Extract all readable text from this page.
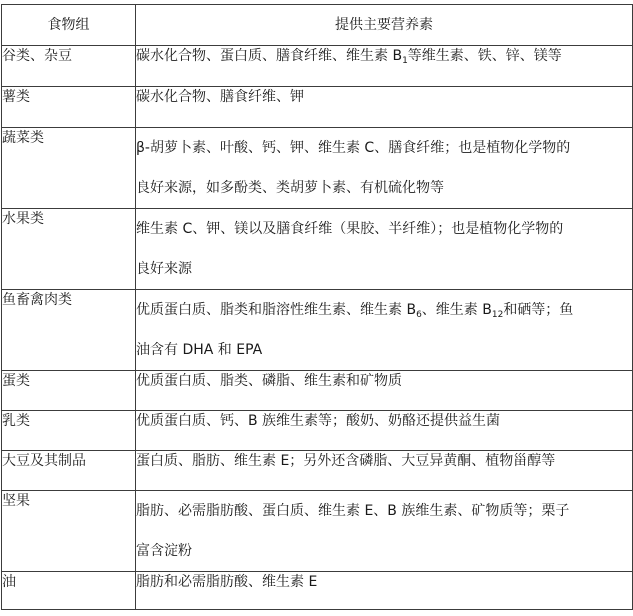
食物组	提供主要营养素
谷类、杂豆	碳水化合物、蛋白质、膳食纤维、维生素 $B_1$等维生素、铁、锌、镁等
薯类	碳水化合物、膳食纤维、钾
蔬菜类	β-胡萝卜素、叶酸、钙、钾、维生素 C、膳食纤维；也是植物化学物的
良好来源，如多酚类、类胡萝卜素、有机硫化物等

水果类	维生素 C、钾、镁以及膳食纤维（果胶、半纤维）；也是植物化学物的
良好来源

鱼畜禽肉类	优质蛋白质、脂类和脂溶性维生素、维生素 $B_6$、维生素 $B_{12}$和硒等；鱼
油含有 DHA 和 EPA

蛋类	优质蛋白质、脂类、磷脂、维生素和矿物质
乳类	优质蛋白质、钙、B 族维生素等；酸奶、奶酪还提供益生菌
大豆及其制品	蛋白质、脂肪、维生素 E；另外还含磷脂、大豆异黄酮、植物甾醇等
坚果	脂肪、必需脂肪酸、蛋白质、维生素 E、B 族维生素、矿物质等；栗子
富含淀粉

油	脂肪和必需脂肪酸、维生素 E
